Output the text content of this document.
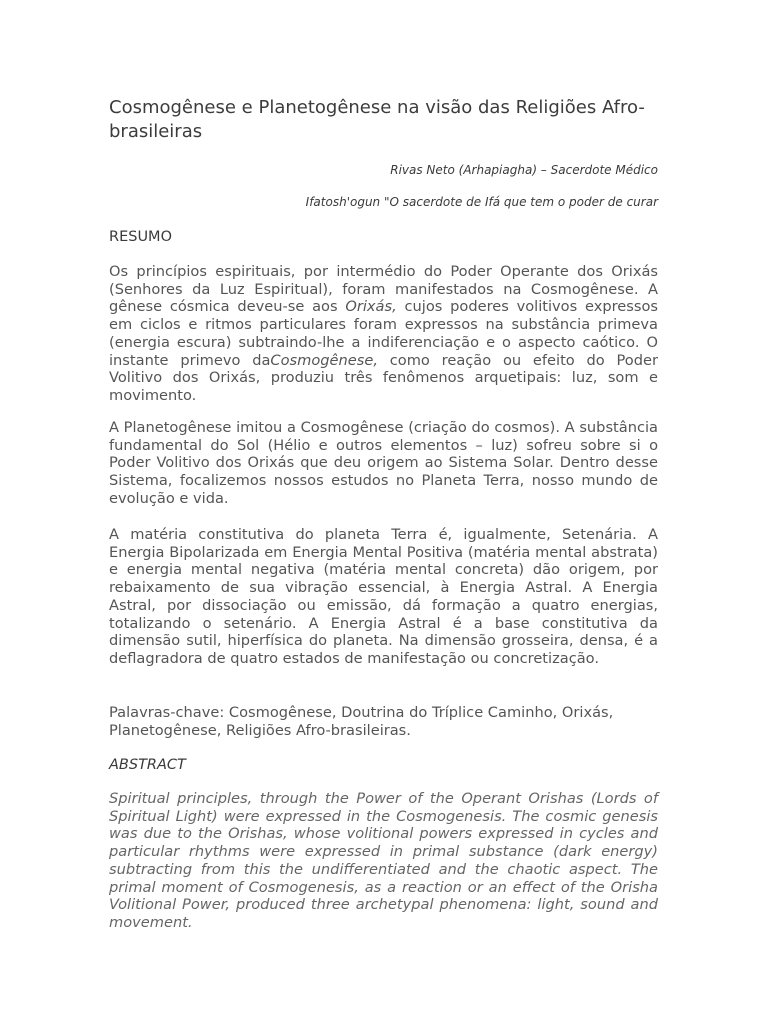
Cosmogênese e Planetogênese na visão das Religiões Afro-brasileiras

Rivas Neto (Arhapiagha) – Sacerdote Médico

Ifatosh'ogun "O sacerdote de Ifá que tem o poder de curar

RESUMO

Os princípios espirituais, por intermédio do Poder Operante dos Orixás (Senhores da Luz Espiritual), foram manifestados na Cosmogênese. A gênese cósmica deveu-se aos Orixás, cujos poderes volitivos expressos em ciclos e ritmos particulares foram expressos na substância primeva (energia escura) subtraindo-lhe a indiferenciação e o aspecto caótico. O instante primevo daCosmogênese, como reação ou efeito do Poder Volitivo dos Orixás, produziu três fenômenos arquetipais: luz, som e movimento.

A Planetogênese imitou a Cosmogênese (criação do cosmos). A substância fundamental do Sol (Hélio e outros elementos – luz) sofreu sobre si o Poder Volitivo dos Orixás que deu origem ao Sistema Solar. Dentro desse Sistema, focalizemos nossos estudos no Planeta Terra, nosso mundo de evolução e vida.

A matéria constitutiva do planeta Terra é, igualmente, Setenária. A Energia Bipolarizada em Energia Mental Positiva (matéria mental abstrata) e energia mental negativa (matéria mental concreta) dão origem, por rebaixamento de sua vibração essencial, à Energia Astral. A Energia Astral, por dissociação ou emissão, dá formação a quatro energias, totalizando o setenário. A Energia Astral é a base constitutiva da dimensão sutil, hiperfísica do planeta. Na dimensão grosseira, densa, é a deflagradora de quatro estados de manifestação ou concretização.

Palavras-chave: Cosmogênese, Doutrina do Tríplice Caminho, Orixás, Planetogênese, Religiões Afro-brasileiras.

ABSTRACT

Spiritual principles, through the Power of the Operant Orishas (Lords of Spiritual Light) were expressed in the Cosmogenesis. The cosmic genesis was due to the Orishas, whose volitional powers expressed in cycles and particular rhythms were expressed in primal substance (dark energy) subtracting from this the undifferentiated and the chaotic aspect. The primal moment of Cosmogenesis, as a reaction or an effect of the Orisha Volitional Power, produced three archetypal phenomena: light, sound and movement.
